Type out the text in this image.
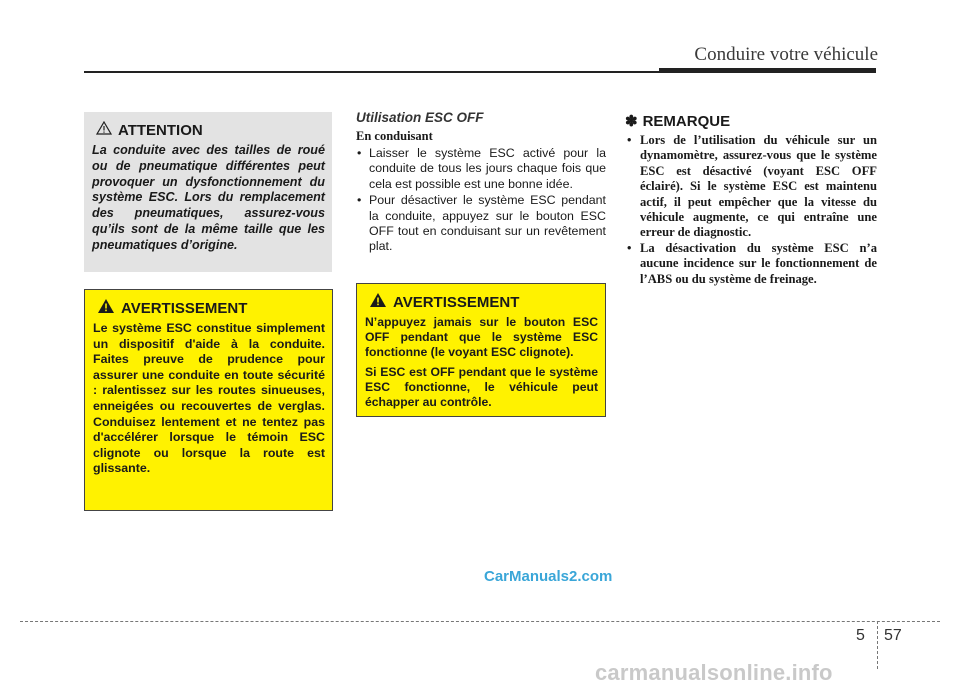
Conduire votre véhicule
ATTENTION
La conduite avec des tailles de roué ou de pneumatique différentes peut provoquer un dysfonctionnement du système ESC. Lors du remplacement des pneumatiques, assurez-vous qu’ils sont de la même taille que les pneumatiques d’origine.
AVERTISSEMENT
Le système ESC constitue simplement un dispositif d'aide à la conduite. Faites preuve de prudence pour assurer une conduite en toute sécurité : ralentissez sur les routes sinueuses, enneigées ou recouvertes de verglas. Conduisez lentement et ne tentez pas d'accélérer lorsque le témoin ESC clignote ou lorsque la route est glissante.
Utilisation ESC OFF
En conduisant
• Laisser le système ESC activé pour la conduite de tous les jours chaque fois que cela est possible est une bonne idée.
• Pour désactiver le système ESC pendant la conduite, appuyez sur le bouton ESC OFF tout en conduisant sur un revêtement plat.
AVERTISSEMENT

N’appuyez jamais sur le bouton ESC OFF pendant que le système ESC fonctionne (le voyant ESC clignote).

Si ESC est OFF pendant que le système ESC fonctionne, le véhicule peut échapper au contrôle.

✽ REMARQUE
• Lors de l’utilisation du véhicule sur un dynamomètre, assurez-vous que le système ESC est désactivé (voyant ESC OFF éclairé). Si le système ESC est maintenu actif, il peut empêcher que la vitesse du véhicule augmente, ce qui entraîne une erreur de diagnostic.
• La désactivation du système ESC n’a aucune incidence sur le fonctionnement de l’ABS ou du système de freinage.
CarManuals2.com
5 57
carmanualsonline.info
